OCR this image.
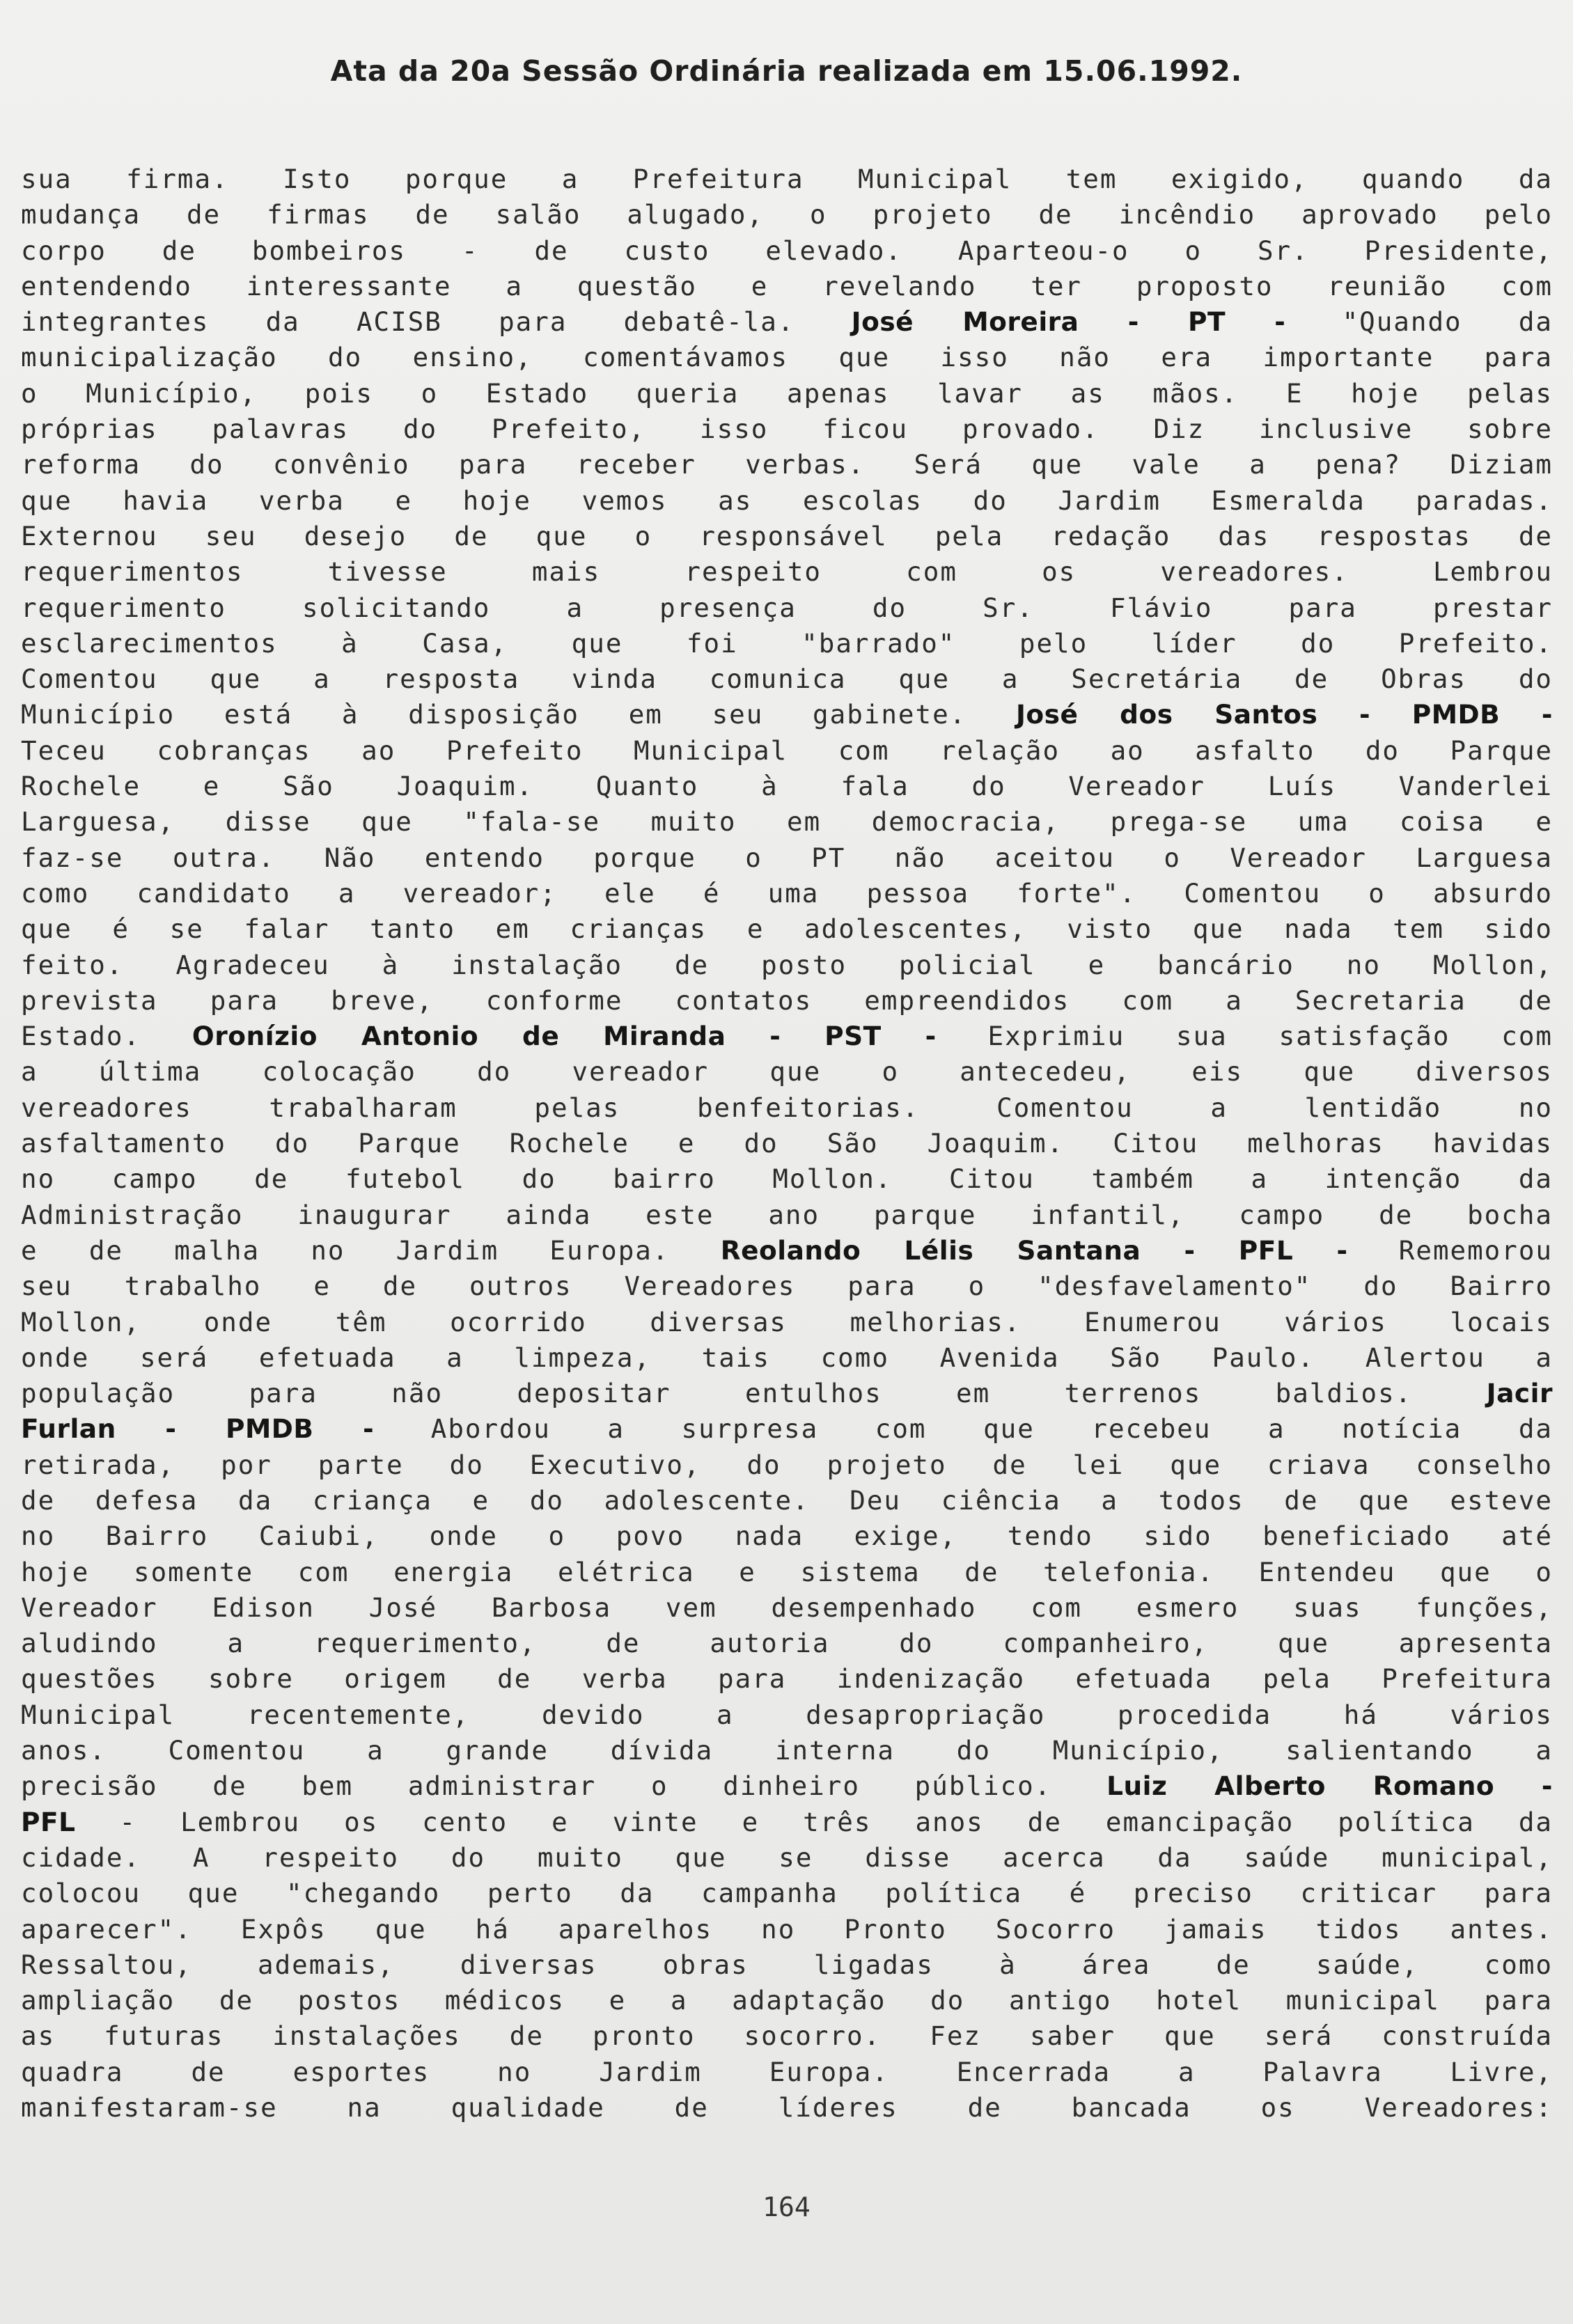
Ata da 20a Sessão Ordinária realizada em 15.06.1992.
sua firma. Isto porque a Prefeitura Municipal tem exigido, quando da
mudança de firmas de salão alugado, o projeto de incêndio aprovado pelo
corpo de bombeiros - de custo elevado. Aparteou-o o Sr. Presidente,
entendendo interessante a questão e revelando ter proposto reunião com
integrantes da ACISB para debatê-la. José Moreira - PT - "Quando da
municipalização do ensino, comentávamos que isso não era importante para
o Município, pois o Estado queria apenas lavar as mãos. E hoje pelas
próprias palavras do Prefeito, isso ficou provado. Diz inclusive sobre
reforma do convênio para receber verbas. Será que vale a pena? Diziam
que havia verba e hoje vemos as escolas do Jardim Esmeralda paradas.
Externou seu desejo de que o responsável pela redação das respostas de
requerimentos tivesse mais respeito com os vereadores. Lembrou
requerimento solicitando a presença do Sr. Flávio para prestar
esclarecimentos à Casa, que foi "barrado" pelo líder do Prefeito.
Comentou que a resposta vinda comunica que a Secretária de Obras do
Município está à disposição em seu gabinete. José dos Santos - PMDB -
Teceu cobranças ao Prefeito Municipal com relação ao asfalto do Parque
Rochele e São Joaquim. Quanto à fala do Vereador Luís Vanderlei
Larguesa, disse que "fala-se muito em democracia, prega-se uma coisa e
faz-se outra. Não entendo porque o PT não aceitou o Vereador Larguesa
como candidato a vereador; ele é uma pessoa forte". Comentou o absurdo
que é se falar tanto em crianças e adolescentes, visto que nada tem sido
feito. Agradeceu à instalação de posto policial e bancário no Mollon,
prevista para breve, conforme contatos empreendidos com a Secretaria de
Estado. Oronízio Antonio de Miranda - PST - Exprimiu sua satisfação com
a última colocação do vereador que o antecedeu, eis que diversos
vereadores trabalharam pelas benfeitorias. Comentou a lentidão no
asfaltamento do Parque Rochele e do São Joaquim. Citou melhoras havidas
no campo de futebol do bairro Mollon. Citou também a intenção da
Administração inaugurar ainda este ano parque infantil, campo de bocha
e de malha no Jardim Europa. Reolando Lélis Santana - PFL - Rememorou
seu trabalho e de outros Vereadores para o "desfavelamento" do Bairro
Mollon, onde têm ocorrido diversas melhorias. Enumerou vários locais
onde será efetuada a limpeza, tais como Avenida São Paulo. Alertou a
população para não depositar entulhos em terrenos baldios. Jacir
Furlan - PMDB - Abordou a surpresa com que recebeu a notícia da
retirada, por parte do Executivo, do projeto de lei que criava conselho
de defesa da criança e do adolescente. Deu ciência a todos de que esteve
no Bairro Caiubi, onde o povo nada exige, tendo sido beneficiado até
hoje somente com energia elétrica e sistema de telefonia. Entendeu que o
Vereador Edison José Barbosa vem desempenhado com esmero suas funções,
aludindo a requerimento, de autoria do companheiro, que apresenta
questões sobre origem de verba para indenização efetuada pela Prefeitura
Municipal recentemente, devido a desapropriação procedida há vários
anos. Comentou a grande dívida interna do Município, salientando a
precisão de bem administrar o dinheiro público. Luiz Alberto Romano -
PFL - Lembrou os cento e vinte e três anos de emancipação política da
cidade. A respeito do muito que se disse acerca da saúde municipal,
colocou que "chegando perto da campanha política é preciso criticar para
aparecer". Expôs que há aparelhos no Pronto Socorro jamais tidos antes.
Ressaltou, ademais, diversas obras ligadas à área de saúde, como
ampliação de postos médicos e a adaptação do antigo hotel municipal para
as futuras instalações de pronto socorro. Fez saber que será construída
quadra de esportes no Jardim Europa. Encerrada a Palavra Livre,
manifestaram-se na qualidade de líderes de bancada os Vereadores:
164
